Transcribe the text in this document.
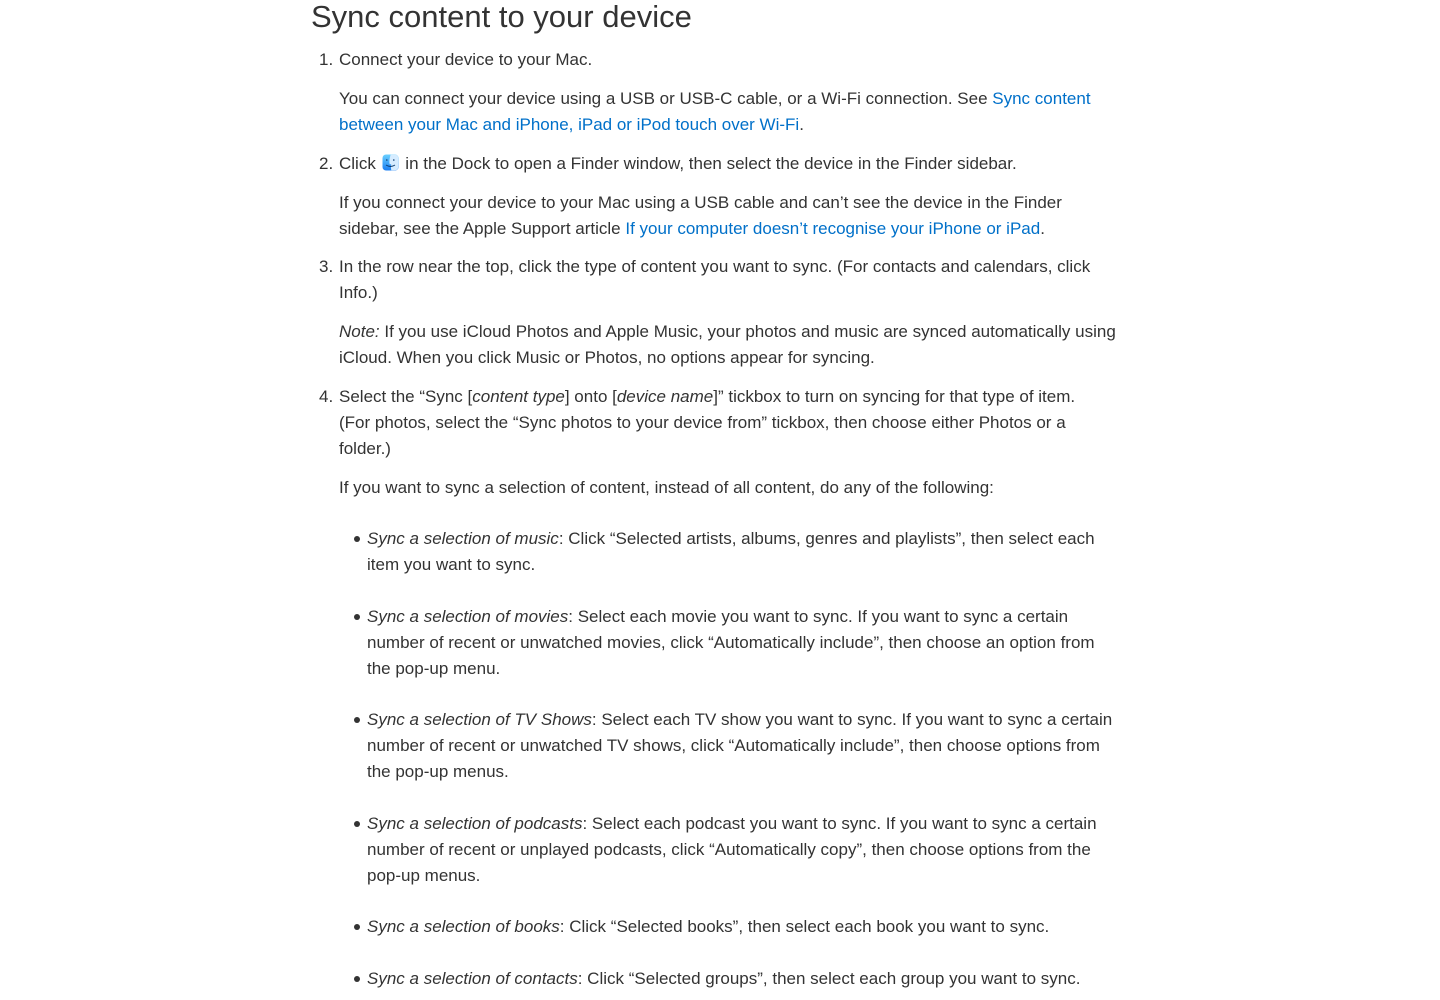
Sync content to your device
1. Connect your device to your Mac.
You can connect your device using a USB or USB-C cable, or a Wi-Fi connection. See Sync content
between your Mac and iPhone, iPad or iPod touch over Wi-Fi.
2. Click  in the Dock to open a Finder window, then select the device in the Finder sidebar.
If you connect your device to your Mac using a USB cable and can’t see the device in the Finder
sidebar, see the Apple Support article If your computer doesn’t recognise your iPhone or iPad.
3. In the row near the top, click the type of content you want to sync. (For contacts and calendars, click
Info.)
Note: If you use iCloud Photos and Apple Music, your photos and music are synced automatically using
iCloud. When you click Music or Photos, no options appear for syncing.
4. Select the “Sync [content type] onto [device name]” tickbox to turn on syncing for that type of item.
(For photos, select the “Sync photos to your device from” tickbox, then choose either Photos or a
folder.)
If you want to sync a selection of content, instead of all content, do any of the following:
Sync a selection of music: Click “Selected artists, albums, genres and playlists”, then select each
item you want to sync.
Sync a selection of movies: Select each movie you want to sync. If you want to sync a certain
number of recent or unwatched movies, click “Automatically include”, then choose an option from
the pop-up menu.
Sync a selection of TV Shows: Select each TV show you want to sync. If you want to sync a certain
number of recent or unwatched TV shows, click “Automatically include”, then choose options from
the pop-up menus.
Sync a selection of podcasts: Select each podcast you want to sync. If you want to sync a certain
number of recent or unplayed podcasts, click “Automatically copy”, then choose options from the
pop-up menus.
Sync a selection of books: Click “Selected books”, then select each book you want to sync.
Sync a selection of contacts: Click “Selected groups”, then select each group you want to sync.
